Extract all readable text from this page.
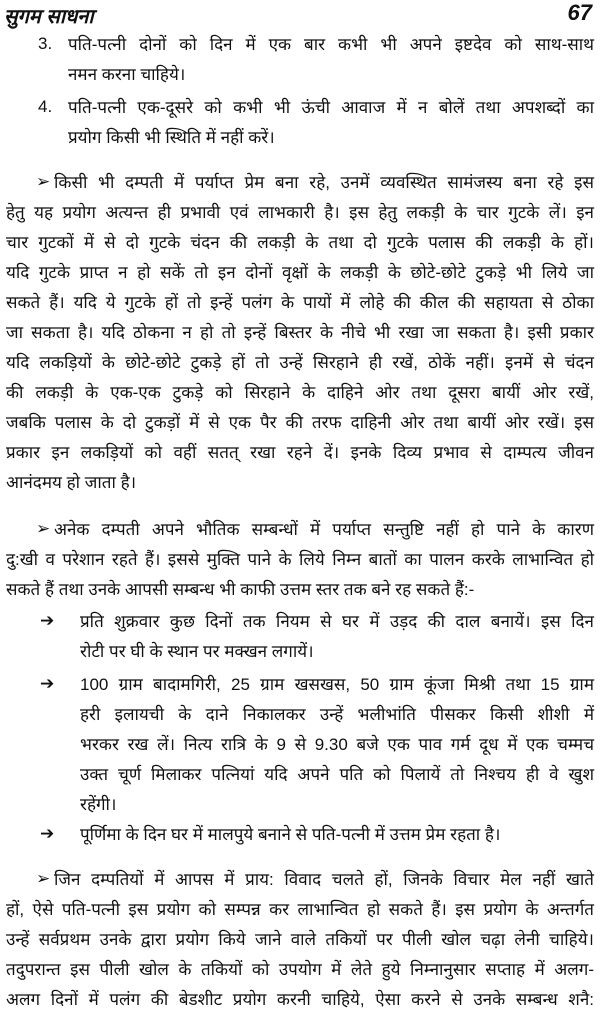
सुगम साधना	67
3. पति-पत्नी दोनों को दिन में एक बार कभी भी अपने इष्टदेव को साथ-साथ
नमन करना चाहिये।
4. पति-पत्नी एक-दूसरे को कभी भी ऊंची आवाज में न बोलें तथा अपशब्दों का
प्रयोग किसी भी स्थिति में नहीं करें।
➢ किसी भी दम्पती में पर्याप्त प्रेम बना रहे, उनमें व्यवस्थित सामंजस्य बना रहे इस
हेतु यह प्रयोग अत्यन्त ही प्रभावी एवं लाभकारी है। इस हेतु लकड़ी के चार गुटके लें। इन
चार गुटकों में से दो गुटके चंदन की लकड़ी के तथा दो गुटके पलास की लकड़ी के हों।
यदि गुटके प्राप्त न हो सकें तो इन दोनों वृक्षों के लकड़ी के छोटे-छोटे टुकड़े भी लिये जा
सकते हैं। यदि ये गुटके हों तो इन्हें पलंग के पायों में लोहे की कील की सहायता से ठोका
जा सकता है। यदि ठोकना न हो तो इन्हें बिस्तर के नीचे भी रखा जा सकता है। इसी प्रकार
यदि लकड़ियों के छोटे-छोटे टुकड़े हों तो उन्हें सिरहाने ही रखें, ठोकें नहीं। इनमें से चंदन
की लकड़ी के एक-एक टुकड़े को सिरहाने के दाहिने ओर तथा दूसरा बायीं ओर रखें,
जबकि पलास के दो टुकड़ों में से एक पैर की तरफ दाहिनी ओर तथा बायीं ओर रखें। इस
प्रकार इन लकड़ियों को वहीं सतत् रखा रहने दें। इनके दिव्य प्रभाव से दाम्पत्य जीवन
आनंदमय हो जाता है।
➢ अनेक दम्पती अपने भौतिक सम्बन्धों में पर्याप्त सन्तुष्टि नहीं हो पाने के कारण
दु:खी व परेशान रहते हैं। इससे मुक्ति पाने के लिये निम्न बातों का पालन करके लाभान्वित हो
सकते हैं तथा उनके आपसी सम्बन्ध भी काफी उत्तम स्तर तक बने रह सकते हैं:-
➔ प्रति शुक्रवार कुछ दिनों तक नियम से घर में उड़द की दाल बनायें। इस दिन
रोटी पर घी के स्थान पर मक्खन लगायें।
➔ 100 ग्राम बादामगिरी, 25 ग्राम खसखस, 50 ग्राम कूंजा मिश्री तथा 15 ग्राम
हरी इलायची के दाने निकालकर उन्हें भलीभांति पीसकर किसी शीशी में
भरकर रख लें। नित्य रात्रि के 9 से 9.30 बजे एक पाव गर्म दूध में एक चम्मच
उक्त चूर्ण मिलाकर पत्नियां यदि अपने पति को पिलायें तो निश्चय ही वे खुश
रहेंगी।
➔ पूर्णिमा के दिन घर में मालपुये बनाने से पति-पत्नी में उत्तम प्रेम रहता है।
➢ जिन दम्पतियों में आपस में प्राय: विवाद चलते हों, जिनके विचार मेल नहीं खाते
हों, ऐसे पति-पत्नी इस प्रयोग को सम्पन्न कर लाभान्वित हो सकते हैं। इस प्रयोग के अन्तर्गत
उन्हें सर्वप्रथम उनके द्वारा प्रयोग किये जाने वाले तकियों पर पीली खोल चढ़ा लेनी चाहिये।
तदुपरान्त इस पीली खोल के तकियों को उपयोग में लेते हुये निम्नानुसार सप्ताह में अलग-
अलग दिनों में पलंग की बेडशीट प्रयोग करनी चाहिये, ऐसा करने से उनके सम्बन्ध शनै:
